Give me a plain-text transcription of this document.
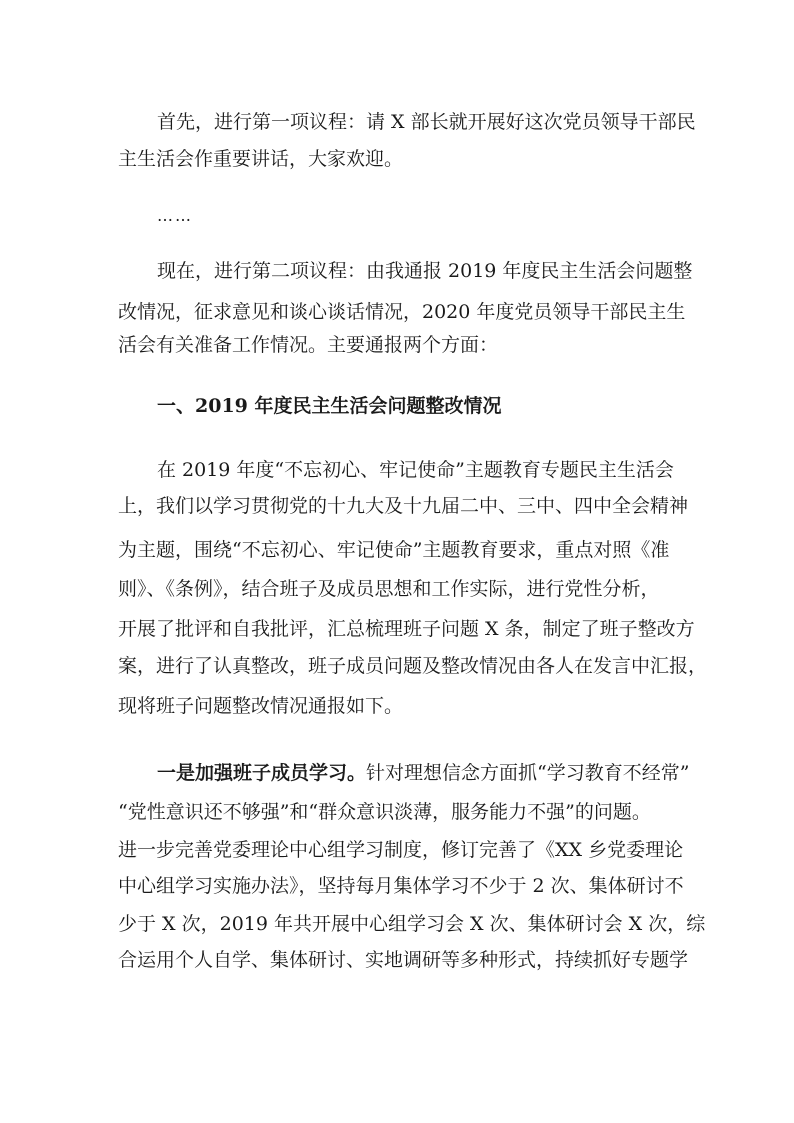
首先，进行第一项议程：请 X 部长就开展好这次党员领导干部民
主生活会作重要讲话，大家欢迎。
……
现在，进行第二项议程：由我通报 2019 年度民主生活会问题整
改情况，征求意见和谈心谈话情况，2020 年度党员领导干部民主生
活会有关准备工作情况。主要通报两个方面：
一、2019 年度民主生活会问题整改情况
在 2019 年度“不忘初心、牢记使命”主题教育专题民主生活会
上，我们以学习贯彻党的十九大及十九届二中、三中、四中全会精神
为主题，围绕“不忘初心、牢记使命”主题教育要求，重点对照《准
则》、《条例》，结合班子及成员思想和工作实际，进行党性分析，
开展了批评和自我批评，汇总梳理班子问题 X 条，制定了班子整改方
案，进行了认真整改，班子成员问题及整改情况由各人在发言中汇报，
现将班子问题整改情况通报如下。
一是加强班子成员学习。针对理想信念方面抓“学习教育不经常”
“党性意识还不够强”和“群众意识淡薄，服务能力不强”的问题。
进一步完善党委理论中心组学习制度，修订完善了《XX 乡党委理论
中心组学习实施办法》，坚持每月集体学习不少于 2 次、集体研讨不
少于 X 次，2019 年共开展中心组学习会 X 次、集体研讨会 X 次，综
合运用个人自学、集体研讨、实地调研等多种形式，持续抓好专题学
